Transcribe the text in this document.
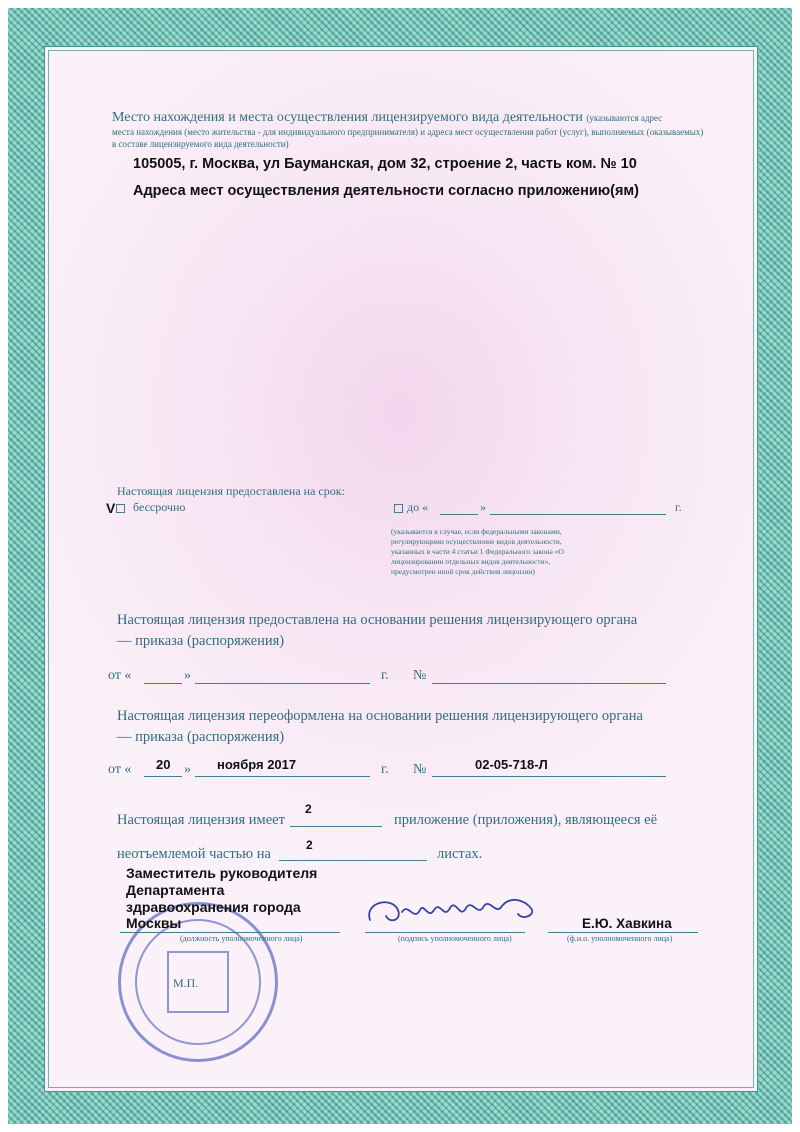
Место нахождения и места осуществления лицензируемого вида деятельности (указываются адрес
места нахождения (место жительства - для индивидуального предпринимателя) и адреса мест осуществления работ (услуг), выполняемых (оказываемых)
в составе лицензируемого вида деятельности)
105005, г. Москва, ул Бауманская, дом 32, строение 2, часть ком. № 10
Адреса мест осуществления деятельности согласно приложению(ям)
Настоящая лицензия предоставлена на срок:
V бессрочно	до «	»	г.
(указывается в случае, если федеральными законами, регулирующими осуществление видов деятельности, указанных в части 4 статьи 1 Федерального закона «О лицензировании отдельных видов деятельности», предусмотрен иной срок действия лицензии)
Настоящая лицензия предоставлена на основании решения лицензирующего органа
— приказа (распоряжения)
от «	»	г. №
Настоящая лицензия переоформлена на основании решения лицензирующего органа
— приказа (распоряжения)
от « 20 » ноября 2017	г. №	02-05-718-Л
Настоящая лицензия имеет
2
приложение (приложения), являющееся её
неотъемлемой частью на
2
листах.
Заместитель руководителя
Департамента
здравоохранения города
Москвы
(должность уполномоченного лица)	(подпись уполномоченного лица)
Е.Ю. Хавкина
(ф.и.о. уполномоченного лица)
М.П.
